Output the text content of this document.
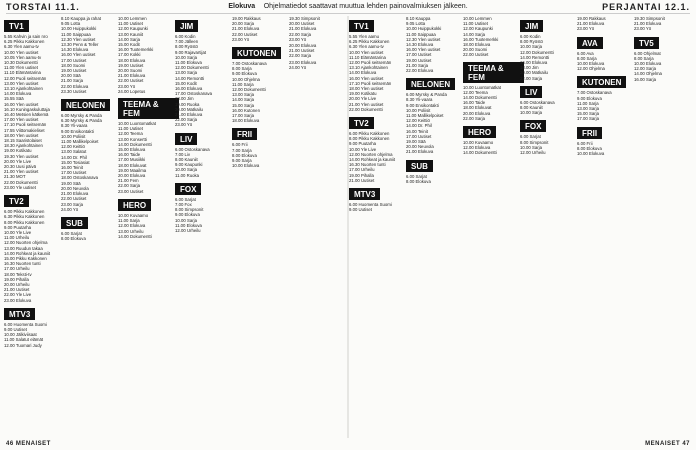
TORSTAI 11.1.	Elokuva Ohjelmatiedot saattavat muuttua lehden painovalmiuksen jälkeen.	PERJANTAI 12.1.
TV1
5.55 Kahvin ja sain nro
6.25 Pikku Kakkonen
6.30 Ylen aamu-tv
10.00 Ylen uutiset
10.05 Ylen aamu-tv
10.30 Dokumentti
11.00 Ylen uutiset
11.10 Elämäntarina
12.00 Puoli seitsemän
13.00 Ylen uutiset
13.10 Ajankohtainen
14.00 Elokuva
15.55 Sää
16.00 Ylen uutiset
16.10 Kuningaskuluttaja
16.40 Metsien kätkemä
17.00 Ylen uutiset
17.10 Puoli seitsemän
17.55 Viittomakieliset
18.00 Ylen uutiset
18.15 Saaristolaiset
18.30 Ajankohtainen
19.00 Kotikatu
19.30 Ylen uutiset
20.00 Yle Live
20.30 Uusi päivä
21.00 Ylen uutiset
21.30 MOT
22.00 Dokumentti
23.00 Yle uutiset
TV2
6.00 Pikku Kakkonen
6.30 Pikku Kakkonen
8.00 Pikku Kakkonen
9.00 Puutarha
10.00 Yle Live
11.00 Urheilu
12.00 Nuorten ohjelma
13.00 Ruudun takaa
14.00 Rohkeat ja kauniit
15.00 Pikku Kakkonen
16.30 Nuorten tunti
17.00 Urheilu
18.00 Teksti-tv
19.00 Pihalla
20.00 Urheilu
21.00 Uutiset
22.00 Yle Live
23.00 Elokuva
MTV3
6.00 Huomenta Suomi
9.00 Uutiset
10.00 Jälkiviisaat
11.00 Salatut elämät
12.00 Tuomari Judy
8.10 Kauppa ja rahat
9.05 Lotta
10.00 Huippukokki
11.00 Saippuaa
12.30 Ylen uutiset
13.30 Penn & Teller
14.30 Elokuva
16.00 Ylen uutiset
17.00 Uutiset
18.00 Suomi
19.00 Uutiset
20.00 Sää
21.00 Sarja
22.00 Elokuva
23.30 Uutiset
NELONEN
6.00 Myrsky & Panda
6.30 Myrsky & Panda
8.30 Yli-vaara
9.00 Ensikontakti
10.00 Poliisit
11.00 Mallikelpoiset
12.00 Keittiö
13.00 Salatut
14.00 Dr. Phil
15.00 Tosiasiat
16.00 Teinit
17.00 Uutiset
18.00 Ostoskanava
19.00 Sää
20.00 Neuvola
21.00 Elokuva
22.00 Uutiset
23.00 Sarja
24.00 Yö
SUB
6.00 Sarjat
8.00 Elokuva
10.00 Lemmen
11.00 Uutiset
12.00 Kaupunki
13.00 Kauniit
14.00 Sarja
15.00 Kodit
16.00 Tuotemerkki
17.00 Kokki
18.00 Elokuva
19.00 Uutiset
20.00 Suomi
21.00 Elokuva
22.00 Uutiset
23.00 Yö
24.00 Lopetus
TEEMA & FEM
10.00 Luontomatkat
11.00 Uutiset
12.00 Teema
13.00 Konsertti
14.00 Dokumentti
15.00 Elokuva
16.00 Taide
17.00 Musiikki
18.00 Elokuvat
19.00 Maailma
20.00 Elokuva
21.00 Fem
22.00 Sarja
23.00 Uutiset
HERO
10.00 Kuvaamo
11.00 Sarja
12.00 Elokuva
13.00 Urheilu
14.00 Dokumentti
JIM
6.00 Kodin
7.00 Jälleen
8.00 Ryöstö
9.00 Rajavartijat
10.00 Sarja
11.00 Elokuva
12.00 Dokumentti
13.00 Sarja
14.00 Remontti
15.00 Kodit
16.00 Elokuva
17.00 Ostoskanava
18.00 Jim
19.00 Ruoka
20.00 Matkailu
21.00 Elokuva
22.00 Sarja
23.00 Yö
LIV
6.00 Ostoskanava
7.00 Liv
8.00 Kauniit
9.00 Kaupunki
10.00 Sarja
11.00 Ruoka
FOX
6.00 Sarjat
7.00 Fox
8.00 Simpsonit
9.00 Elokuva
10.00 Sarja
11.00 Elokuva
12.00 Urheilu
19.00 Rakkaus
20.00 Sarja
21.00 Elokuva
22.00 Uutiset
23.00 Yö
KUTONEN
7.00 Ostoskanava
8.00 Sarja
9.00 Elokuva
10.00 Ohjelma
11.00 Sarja
12.00 Dokumentti
13.00 Sarja
14.00 Sarja
15.00 Sarja
16.00 Kutonen
17.00 Sarja
18.00 Elokuva
FRII
6.00 Frii
7.00 Sarja
8.00 Elokuva
9.00 Sarja
10.00 Elokuva
19.30 Simpsonit
20.00 Uutiset
21.00 Elokuva
22.00 Sarja
23.00 Yö
20.00 Elokuva
21.00 Uutiset
22.00 Sarja
23.00 Elokuva
24.00 Yö
TV1
5.55 Ylen aamu
6.25 Pikku Kakkonen
6.30 Ylen aamu-tv
10.00 Ylen uutiset
11.10 Elämäntarina
12.00 Puoli seitsemän
13.10 Ajankohtainen
14.00 Elokuva
16.00 Ylen uutiset
17.10 Puoli seitsemän
18.00 Ylen uutiset
19.00 Kotikatu
20.00 Yle Live
21.00 Ylen uutiset
22.00 Dokumentti
TV2
6.00 Pikku Kakkonen
8.00 Pikku Kakkonen
9.00 Puutarha
10.00 Yle Live
12.00 Nuorten ohjelma
14.00 Rohkeat ja kauniit
16.30 Nuorten tunti
17.00 Urheilu
19.00 Pihalla
21.00 Uutiset
MTV3
6.00 Huomenta Suomi
9.00 Uutiset
8.10 Kauppa
9.05 Lotta
10.00 Huippukokki
11.00 Saippuaa
12.30 Ylen uutiset
14.30 Elokuva
16.00 Ylen uutiset
17.00 Uutiset
19.00 Uutiset
21.00 Sarja
22.00 Elokuva
NELONEN
6.00 Myrsky & Panda
8.30 Yli-vaara
9.00 Ensikontakti
10.00 Poliisit
11.00 Mallikelpoiset
12.00 Keittiö
14.00 Dr. Phil
16.00 Teinit
17.00 Uutiset
19.00 Sää
20.00 Neuvola
21.00 Elokuva
SUB
6.00 Sarjat
8.00 Elokuva
10.00 Lemmen
11.00 Uutiset
12.00 Kaupunki
14.00 Sarja
16.00 Tuotemerkki
18.00 Elokuva
20.00 Suomi
22.00 Uutiset
TEEMA & FEM
10.00 Luontomatkat
12.00 Teema
14.00 Dokumentti
16.00 Taide
18.00 Elokuvat
20.00 Elokuva
22.00 Sarja
HERO
10.00 Kuvaamo
12.00 Elokuva
14.00 Dokumentti
JIM
6.00 Kodin
8.00 Ryöstö
10.00 Sarja
12.00 Dokumentti
14.00 Remontti
16.00 Elokuva
18.00 Jim
20.00 Matkailu
22.00 Sarja
LIV
6.00 Ostoskanava
8.00 Kauniit
10.00 Sarja
FOX
6.00 Sarjat
8.00 Simpsonit
10.00 Sarja
12.00 Urheilu
19.00 Rakkaus
21.00 Elokuva
23.00 Yö
AVA
6.00 Ava
8.00 Sarja
10.00 Elokuva
12.00 Ohjelma
KUTONEN
7.00 Ostoskanava
9.00 Elokuva
11.00 Sarja
13.00 Sarja
15.00 Sarja
17.00 Sarja
FRII
6.00 Frii
8.00 Elokuva
10.00 Elokuva
19.30 Simpsonit
21.00 Elokuva
23.00 Yö
TV5
6.00 Ohjelmat
8.00 Sarja
10.00 Elokuva
12.00 Sarja
14.00 Ohjelma
16.00 Sarja
46 MENAISET	MENAISET 47
